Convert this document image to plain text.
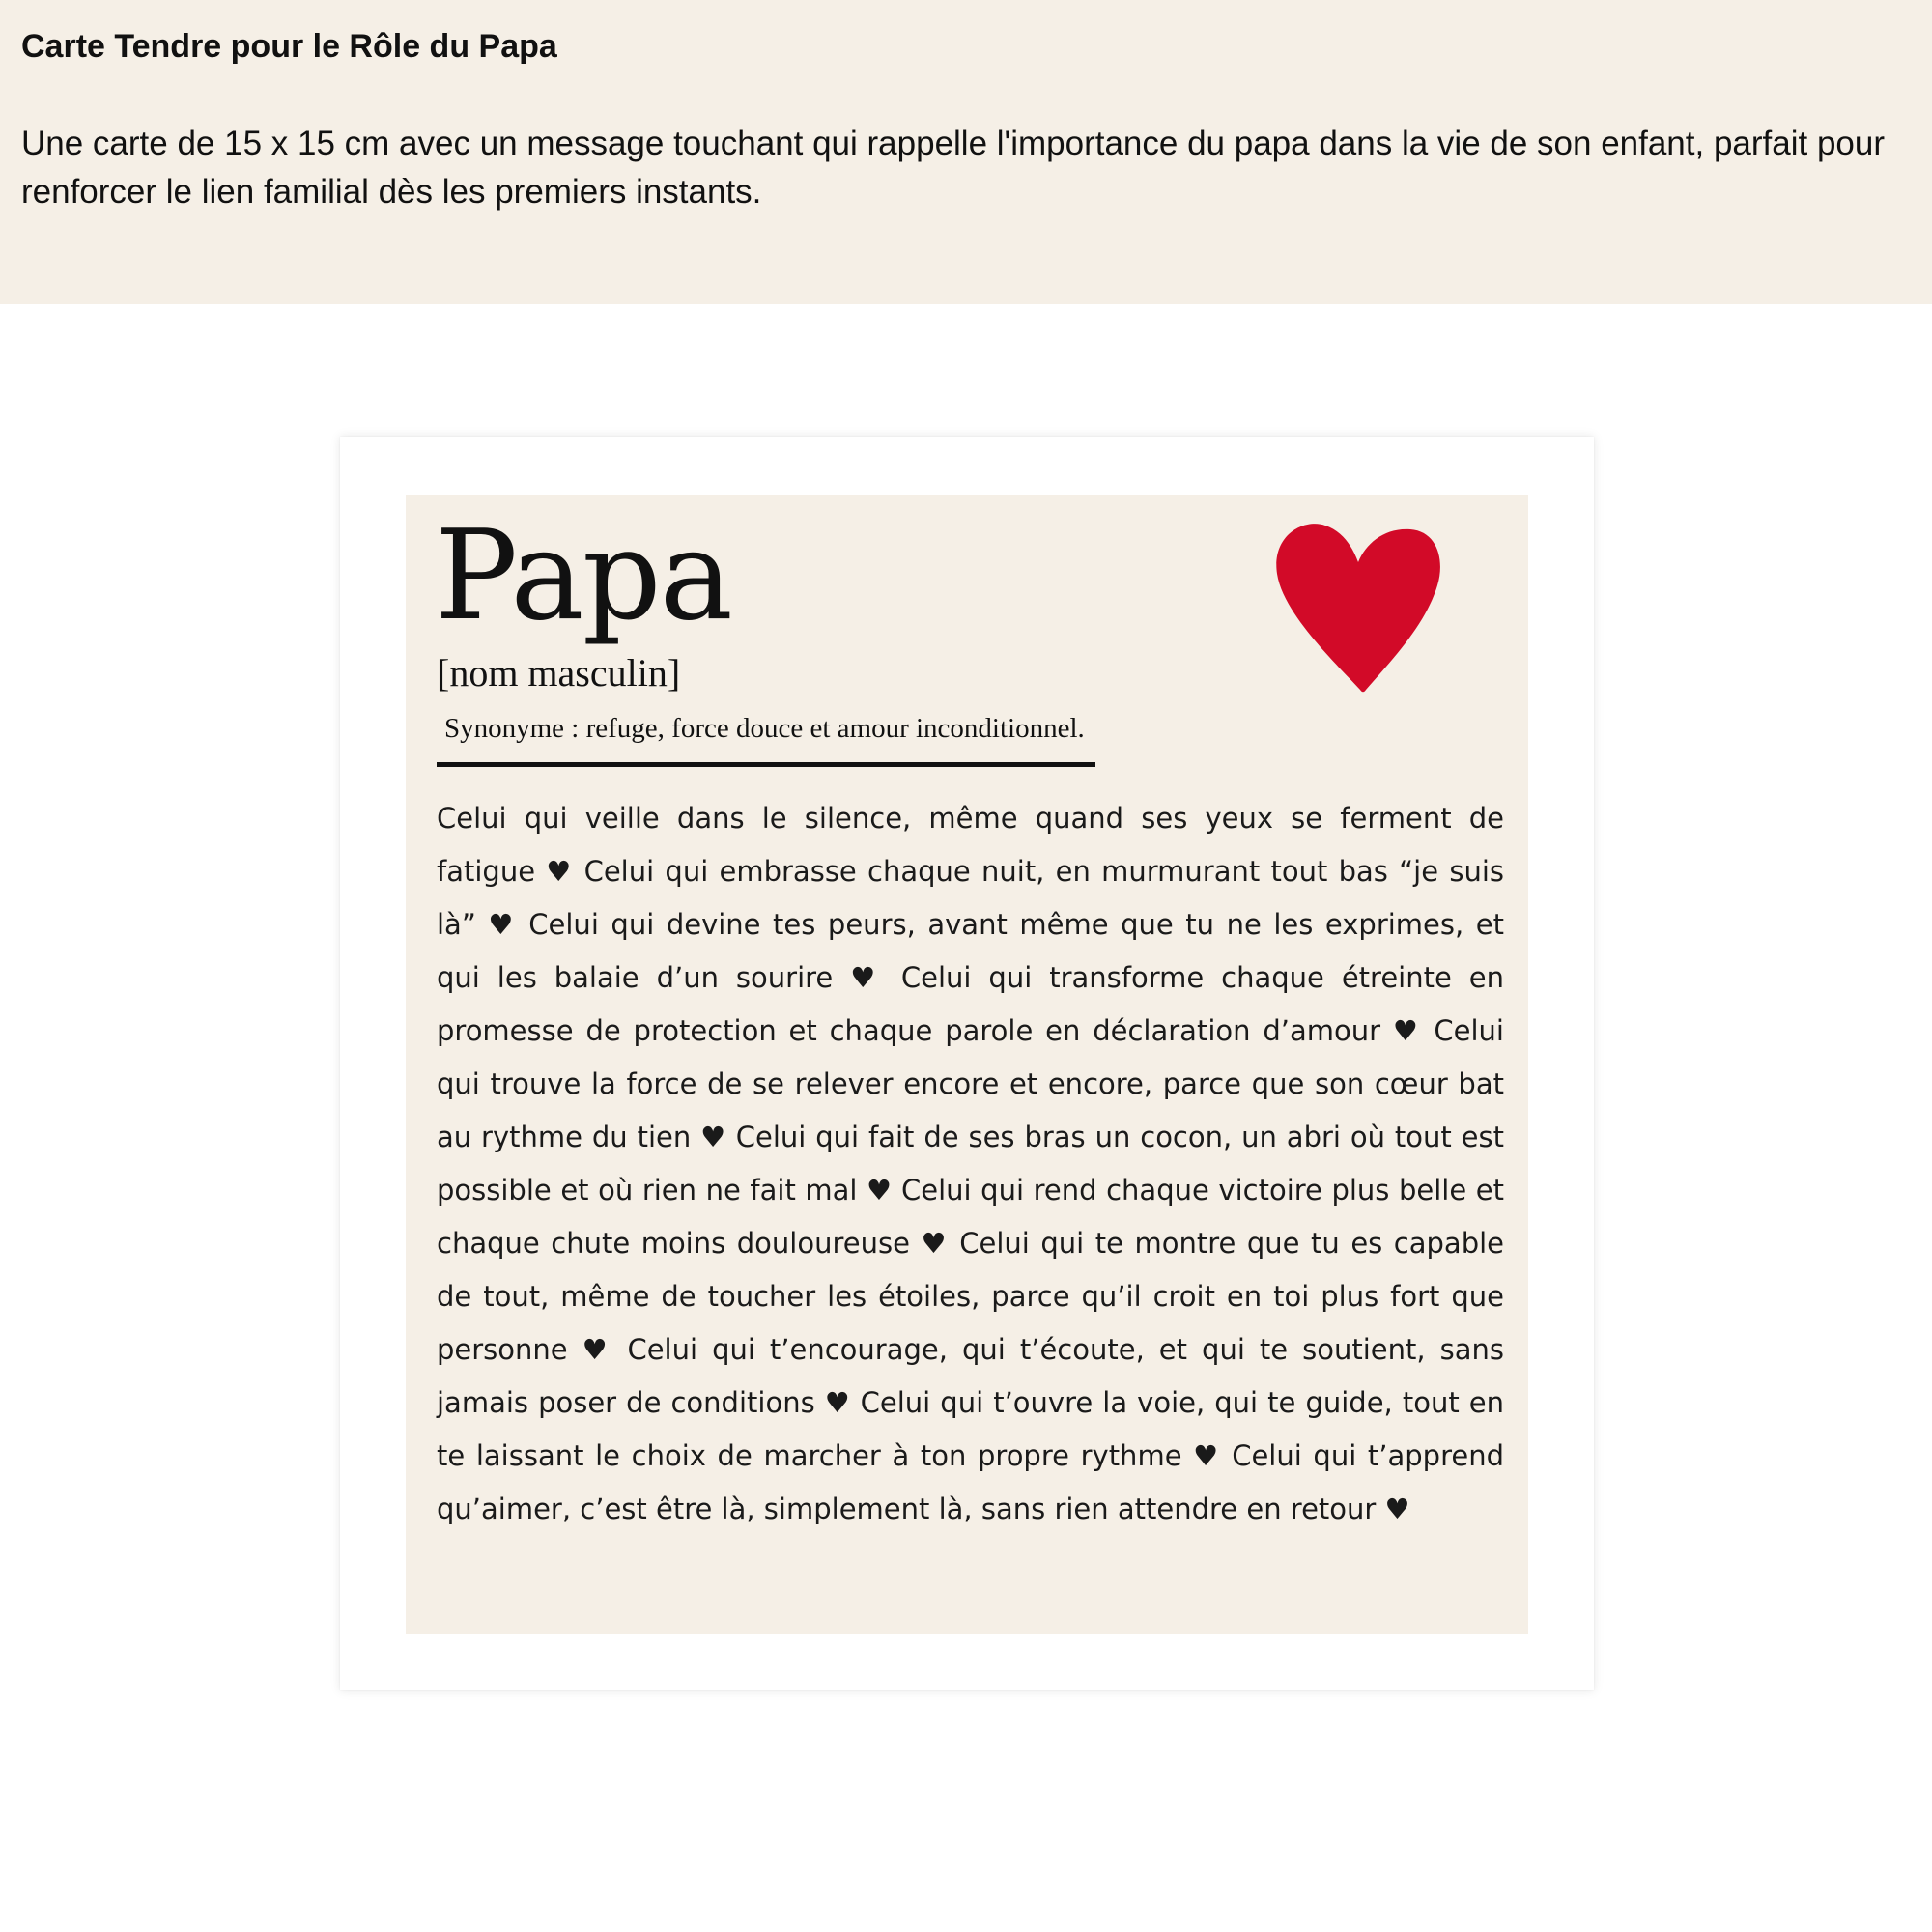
Carte Tendre pour le Rôle du Papa

Une carte de 15 x 15 cm avec un message touchant qui rappelle l'importance du papa dans la vie de son enfant, parfait pour renforcer le lien familial dès les premiers instants.

Papa
[nom masculin]
Synonyme : refuge, force douce et amour inconditionnel.

Celui qui veille dans le silence, même quand ses yeux se ferment de fatigue ♥ Celui qui embrasse chaque nuit, en murmurant tout bas “je suis là” ♥ Celui qui devine tes peurs, avant même que tu ne les exprimes, et qui les balaie d’un sourire ♥ Celui qui transforme chaque étreinte en promesse de protection et chaque parole en déclaration d’amour ♥ Celui qui trouve la force de se relever encore et encore, parce que son cœur bat au rythme du tien ♥ Celui qui fait de ses bras un cocon, un abri où tout est possible et où rien ne fait mal ♥ Celui qui rend chaque victoire plus belle et chaque chute moins douloureuse ♥ Celui qui te montre que tu es capable de tout, même de toucher les étoiles, parce qu’il croit en toi plus fort que personne ♥ Celui qui t’encourage, qui t’écoute, et qui te soutient, sans jamais poser de conditions ♥ Celui qui t’ouvre la voie, qui te guide, tout en te laissant le choix de marcher à ton propre rythme ♥ Celui qui t’apprend qu’aimer, c’est être là, simplement là, sans rien attendre en retour ♥
